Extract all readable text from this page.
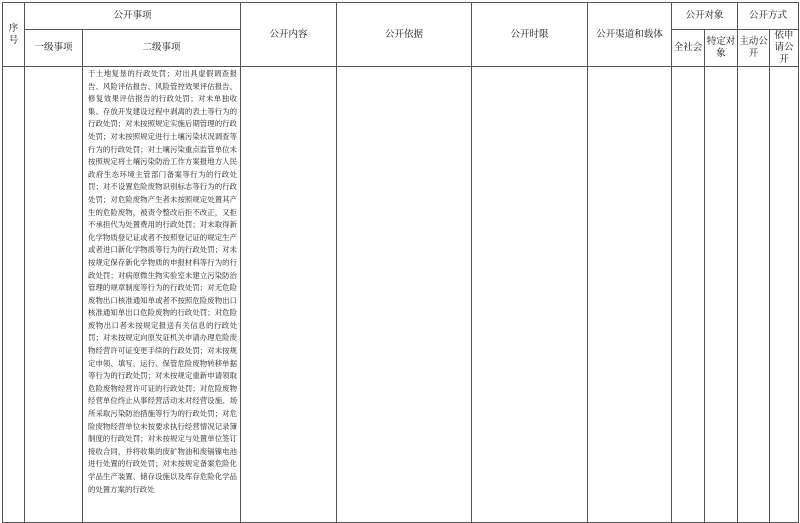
序号	公开事项		公开内容	公开依据	公开时限	公开渠道和载体	公开对象		公开方式	
	一级事项	二级事项					全社会	特定对象	主动公开	依申请公开

		于土地复垦的行政处罚；对出具虚假调查报告、风险评估报告、风险管控效果评估报告、修复效果评估报告的行政处罚；对未单独收集、存放开发建设过程中剥离的表土等行为的行政处罚；对未按照规定实施后期管理的行政处罚；对未按照规定进行土壤污染状况调查等行为的行政处罚；对土壤污染重点监管单位未按照规定将土壤污染防治工作方案报地方人民政府生态环境主管部门备案等行为的行政处罚；对不设置危险废物识别标志等行为的行政处罚；对危险废物产生者未按照规定处置其产生的危险废物，被责令整改后拒不改正，又拒不承担代为处置费用的行政处罚；对未取得新化学物质登记证或者不按照登记证的规定生产或者进口新化学物质等行为的行政处罚；对未按规定保存新化学物质的申报材料等行为的行政处罚；对病原微生物实验室未建立污染防治管理的规章制度等行为的行政处罚；对无危险废物出口核准通知单或者不按照危险废物出口核准通知单出口危险废物的行政处罚；对危险废物出口者未按规定报送有关信息的行政处罚；对未按规定向原发证机关申请办理危险废物经营许可证变更手续的行政处罚；对未按规定申领、填写、运行、保管危险废物转移单据等行为的行政处罚；对未按规定重新申请领取危险废物经营许可证的行政处罚；对危险废物经营单位终止从事经营活动未对经营设施、场所采取污染防治措施等行为的行政处罚；对危险废物经营单位未按要求执行经营情况记录簿制度的行政处罚；对未按规定与处置单位签订接收合同，并将收集的废矿物油和废镉镍电池进行处置的行政处罚；对未按规定备案危险化学品生产装置、储存设施以及库存危险化学品的处置方案的行政处								
